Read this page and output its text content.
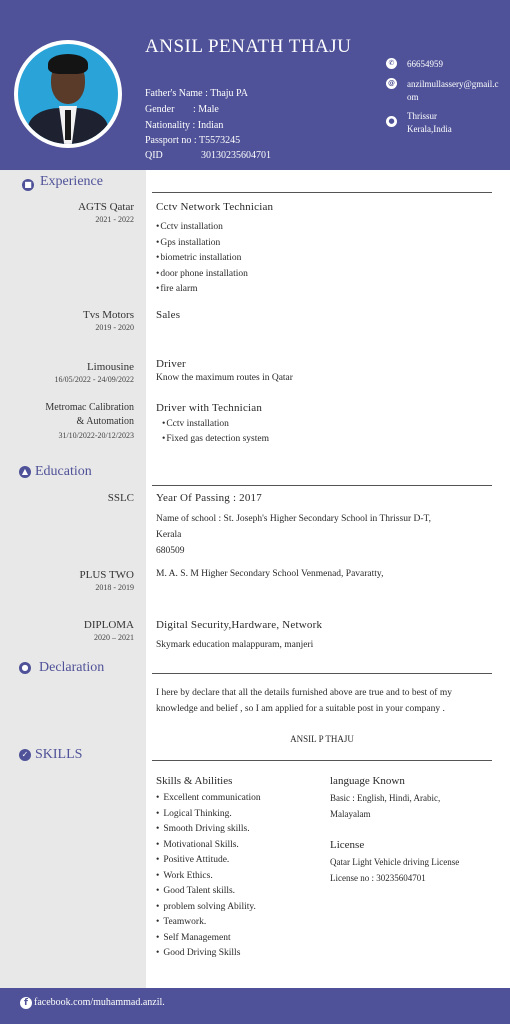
ANSIL PENATH THAJU
Father's Name : Thaju PA
Gender : Male
Nationality : Indian
Passport no : T5573245
QID	30130235604701
✆ 66654959
@ anzilmullassery@gmail.com
● Thrissur Kerala,India
■ Experience
AGTS Qatar
2021 - 2022
Cctv Network Technician
• Cctv installation
• Gps installation
• biometric installation
• door phone installation
• fire alarm
Tvs Motors
2019 - 2020
Sales
Limousine
16/05/2022 - 24/09/2022
Driver
Know the maximum routes in Qatar
Metromac Calibration
& Automation
31/10/2022-20/12/2023
Driver with Technician
• Cctv installation
• Fixed gas detection system
▲ Education
SSLC Year Of Passing : 2017
Name of school : St. Joseph's Higher Secondary School in Thrissur D-T,
Kerala
680509
PLUS TWO
2018 - 2019
M. A. S. M Higher Secondary School Venmenad, Pavaratty,
DIPLOMA
2020 – 2021
Digital Security,Hardware, Network
Skymark education malappuram, manjeri
● Declaration
I here by declare that all the details furnished above are true and to best of my knowledge and belief , so I am applied for a suitable post in your company .
ANSIL P THAJU
✓ SKILLS
Skills & Abilities
• Excellent communication
• Logical Thinking.
• Smooth Driving skills.
• Motivational Skills.
• Positive Attitude.
• Work Ethics.
• Good Talent skills.
• problem solving Ability.
• Teamwork.
• Self Management
• Good Driving Skills
language Known
Basic : English, Hindi, Arabic,
Malayalam
License
Qatar Light Vehicle driving License
License no : 30235604701
f facebook.com/muhammad.anzil.
